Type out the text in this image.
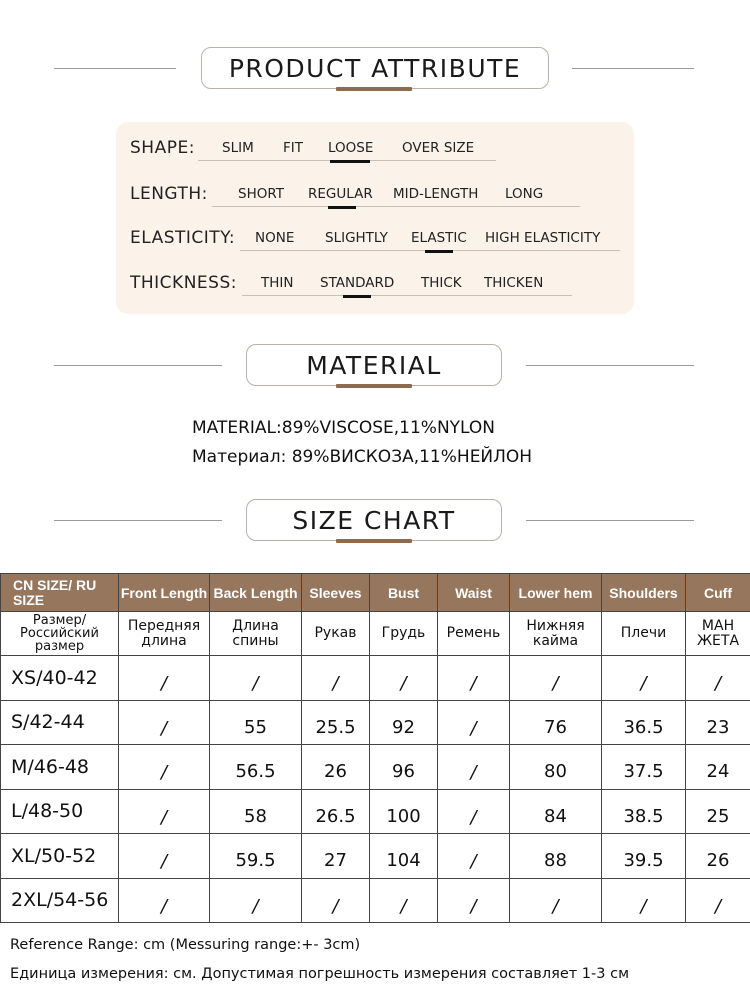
PRODUCT ATTRIBUTE
SHAPE: SLIM FIT LOOSE OVER SIZE
LENGTH: SHORT REGULAR MID-LENGTH LONG
ELASTICITY: NONE SLIGHTLY ELASTIC HIGH ELASTICITY
THICKNESS: THIN STANDARD THICK THICKEN
MATERIAL
MATERIAL:89%VISCOSE,11%NYLON
Материал: 89%ВИСКОЗА,11%НЕЙЛОН
SIZE CHART
CN SIZE/ RU SIZE	Front Length	Back Length	Sleeves	Bust	Waist	Lower hem	Shoulders	Cuff
Размер/ Российский размер	Передняя длина	Длина спины	Рукав	Грудь	Ремень	Нижняя кайма	Плечи	МАН ЖЕТА
XS/40-42	/	/	/	/	/	/	/	/
S/42-44	/	55	25.5	92	/	76	36.5	23
M/46-48	/	56.5	26	96	/	80	37.5	24
L/48-50	/	58	26.5	100	/	84	38.5	25
XL/50-52	/	59.5	27	104	/	88	39.5	26
2XL/54-56	/	/	/	/	/	/	/	/
Reference Range: cm (Messuring range:+- 3cm)
Единица измерения: см. Допустимая погрешность измерения составляет 1-3 см
